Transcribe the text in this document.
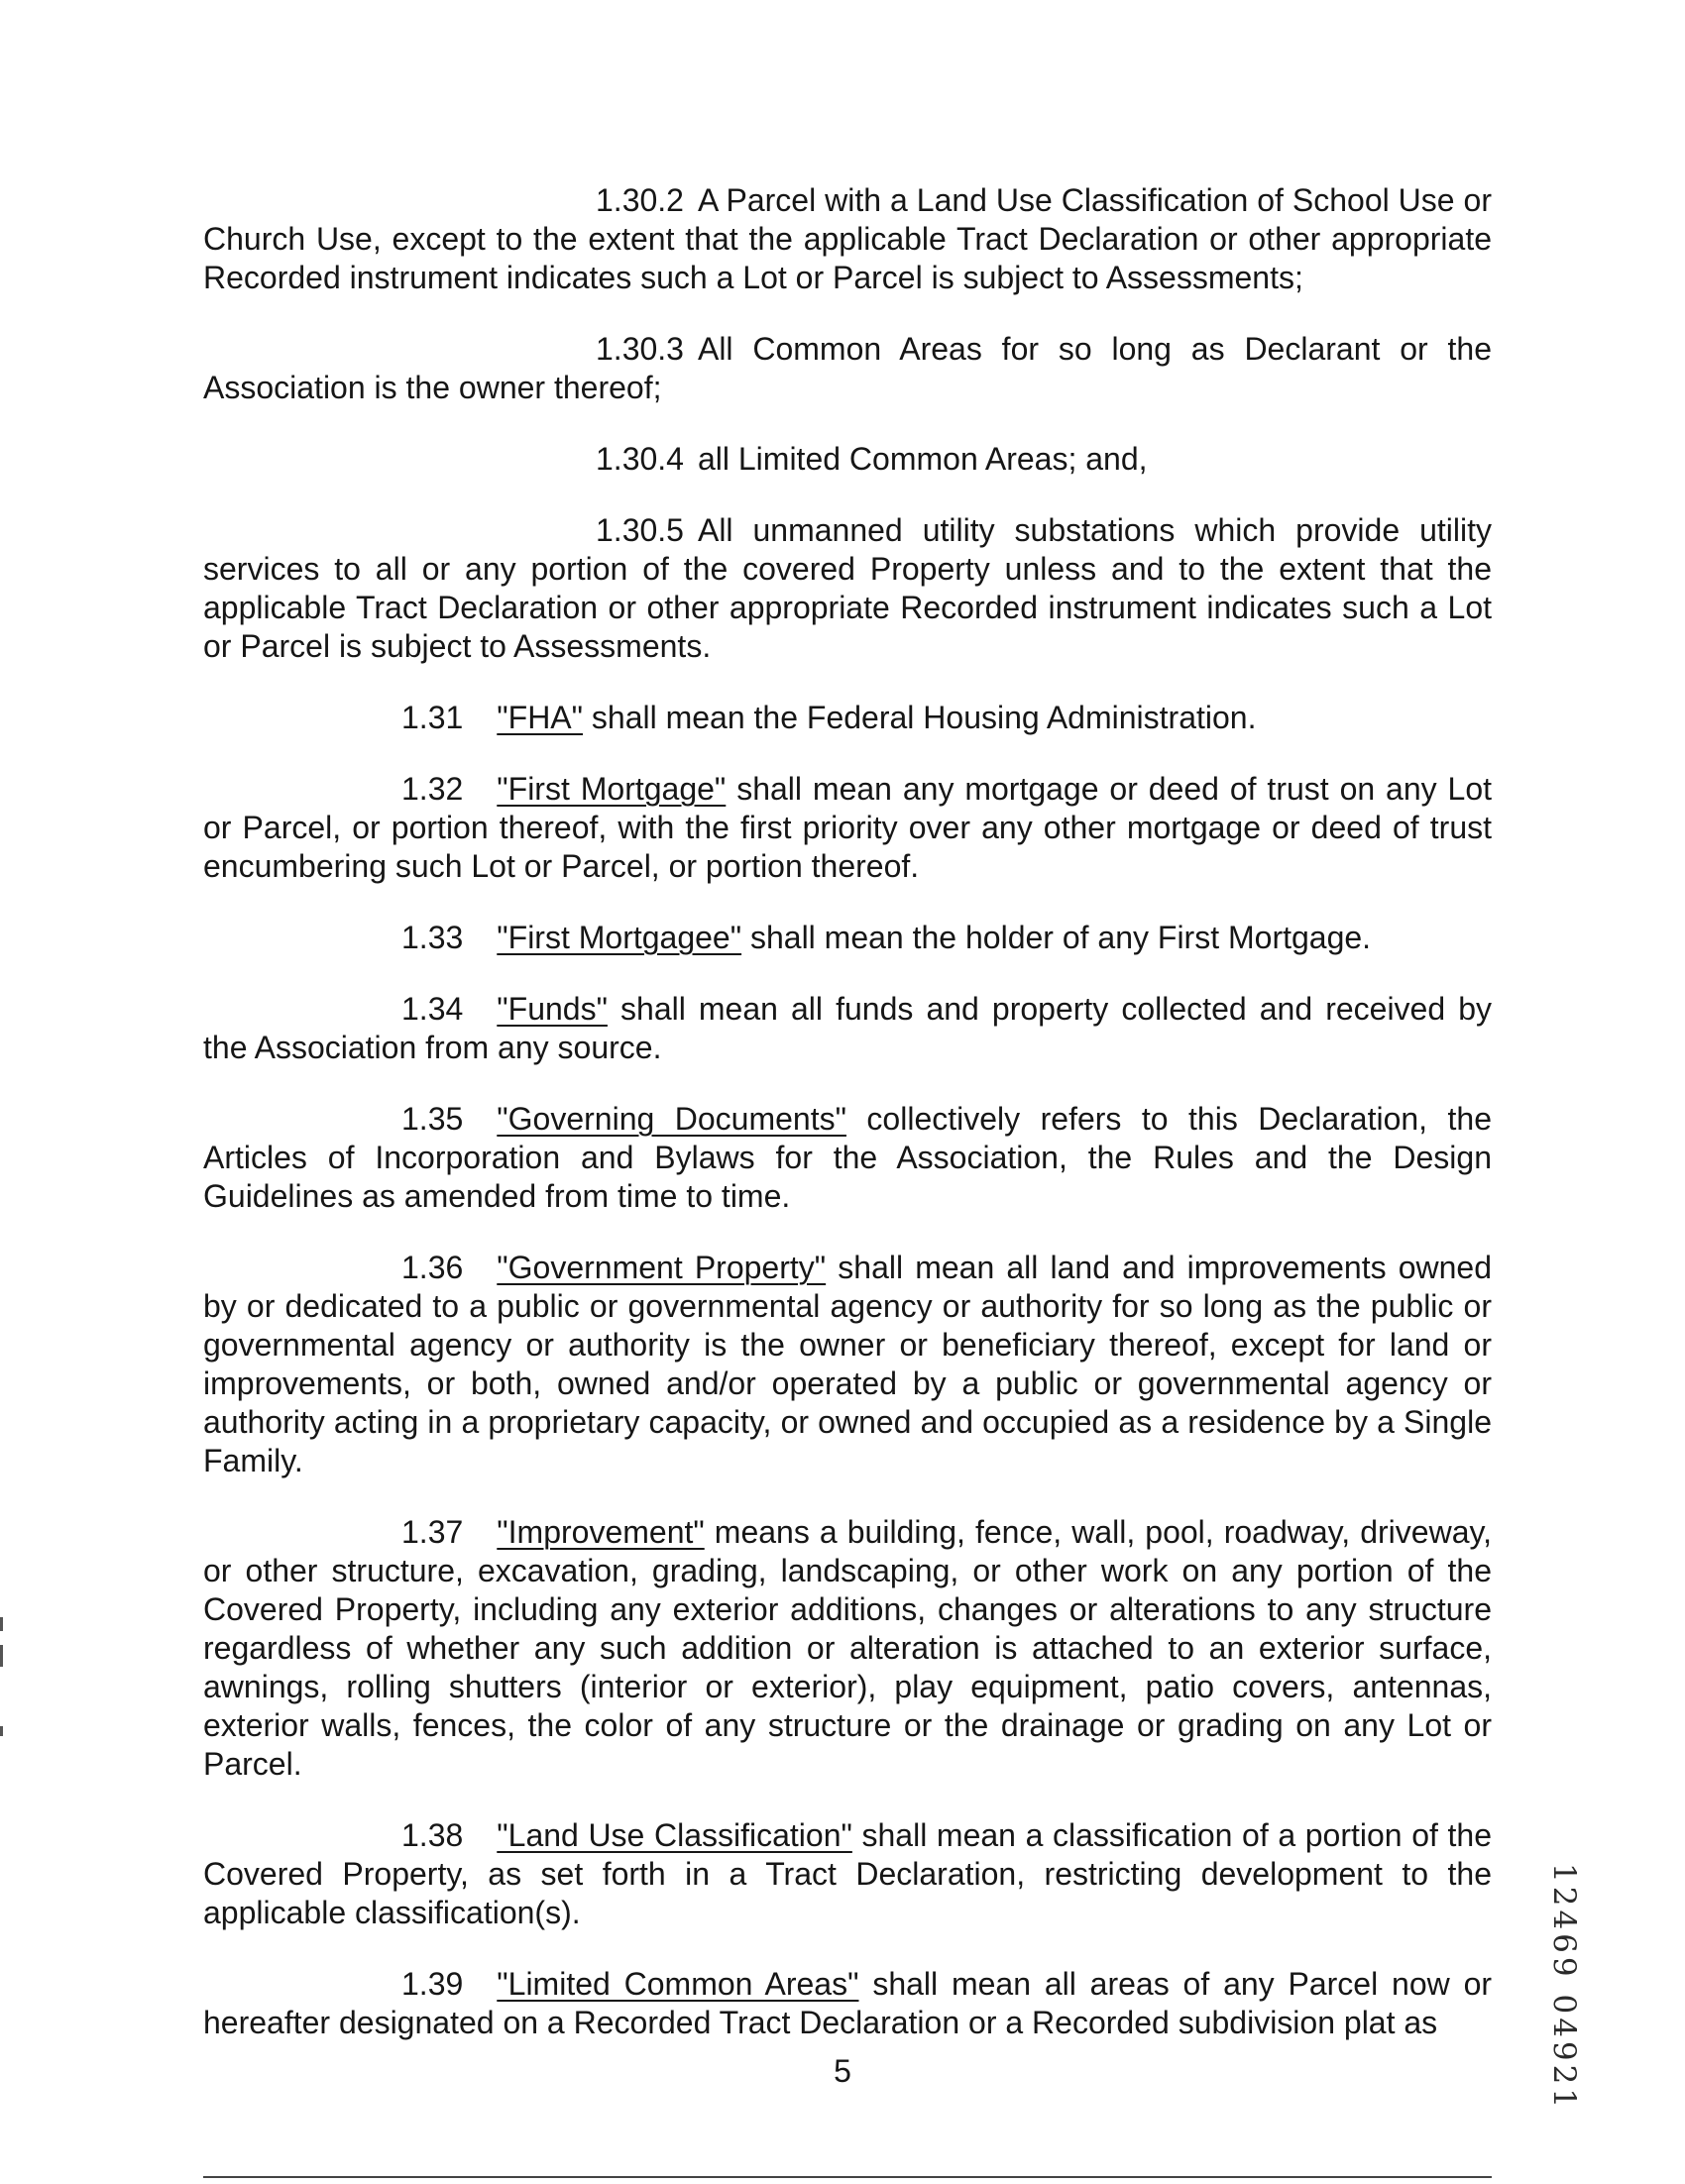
1.30.2 A Parcel with a Land Use Classification of School Use or Church Use, except to the extent that the applicable Tract Declaration or other appropriate Recorded instrument indicates such a Lot or Parcel is subject to Assessments;

1.30.3 All Common Areas for so long as Declarant or the Association is the owner thereof;

1.30.4 all Limited Common Areas; and,

1.30.5 All unmanned utility substations which provide utility services to all or any portion of the covered Property unless and to the extent that the applicable Tract Declaration or other appropriate Recorded instrument indicates such a Lot or Parcel is subject to Assessments.

1.31 "FHA" shall mean the Federal Housing Administration.

1.32 "First Mortgage" shall mean any mortgage or deed of trust on any Lot or Parcel, or portion thereof, with the first priority over any other mortgage or deed of trust encumbering such Lot or Parcel, or portion thereof.

1.33 "First Mortgagee" shall mean the holder of any First Mortgage.

1.34 "Funds" shall mean all funds and property collected and received by the Association from any source.

1.35 "Governing Documents" collectively refers to this Declaration, the Articles of Incorporation and Bylaws for the Association, the Rules and the Design Guidelines as amended from time to time.

1.36 "Government Property" shall mean all land and improvements owned by or dedicated to a public or governmental agency or authority for so long as the public or governmental agency or authority is the owner or beneficiary thereof, except for land or improvements, or both, owned and/or operated by a public or governmental agency or authority acting in a proprietary capacity, or owned and occupied as a residence by a Single Family.

1.37 "Improvement" means a building, fence, wall, pool, roadway, driveway, or other structure, excavation, grading, landscaping, or other work on any portion of the Covered Property, including any exterior additions, changes or alterations to any structure regardless of whether any such addition or alteration is attached to an exterior surface, awnings, rolling shutters (interior or exterior), play equipment, patio covers, antennas, exterior walls, fences, the color of any structure or the drainage or grading on any Lot or Parcel.

1.38 "Land Use Classification" shall mean a classification of a portion of the Covered Property, as set forth in a Tract Declaration, restricting development to the applicable classification(s).

1.39 "Limited Common Areas" shall mean all areas of any Parcel now or hereafter designated on a Recorded Tract Declaration or a Recorded subdivision plat as

5	12469 04921
